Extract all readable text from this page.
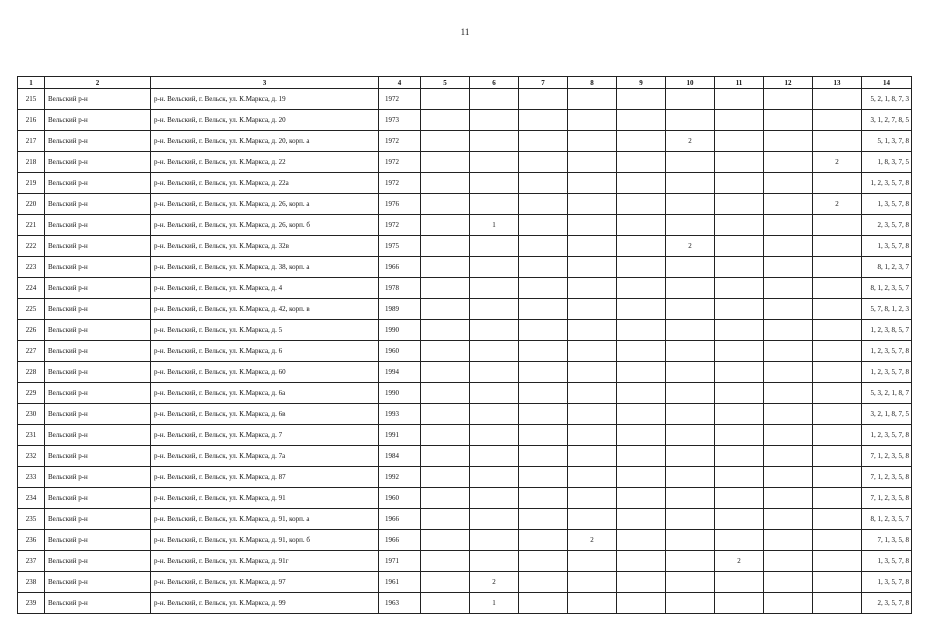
11
1	2	3	4	5	6	7	8	9	10	11	12	13	14
215	Вельский р-н	р-н. Вельский, г. Вельск, ул. К.Маркса, д. 19	1972										5, 2, 1, 8, 7, 3
216	Вельский р-н	р-н. Вельский, г. Вельск, ул. К.Маркса, д. 20	1973										3, 1, 2, 7, 8, 5
217	Вельский р-н	р-н. Вельский, г. Вельск, ул. К.Маркса, д. 20, корп. а	1972						2				5, 1, 3, 7, 8
218	Вельский р-н	р-н. Вельский, г. Вельск, ул. К.Маркса, д. 22	1972									2	1, 8, 3, 7, 5
219	Вельский р-н	р-н. Вельский, г. Вельск, ул. К.Маркса, д. 22а	1972										1, 2, 3, 5, 7, 8
220	Вельский р-н	р-н. Вельский, г. Вельск, ул. К.Маркса, д. 26, корп. а	1976									2	1, 3, 5, 7, 8
221	Вельский р-н	р-н. Вельский, г. Вельск, ул. К.Маркса, д. 26, корп. б	1972		1								2, 3, 5, 7, 8
222	Вельский р-н	р-н. Вельский, г. Вельск, ул. К.Маркса, д. 32в	1975						2				1, 3, 5, 7, 8
223	Вельский р-н	р-н. Вельский, г. Вельск, ул. К.Маркса, д. 38, корп. а	1966										8, 1, 2, 3, 7
224	Вельский р-н	р-н. Вельский, г. Вельск, ул. К.Маркса, д. 4	1978										8, 1, 2, 3, 5, 7
225	Вельский р-н	р-н. Вельский, г. Вельск, ул. К.Маркса, д. 42, корп. в	1989										5, 7, 8, 1, 2, 3
226	Вельский р-н	р-н. Вельский, г. Вельск, ул. К.Маркса, д. 5	1990										1, 2, 3, 8, 5, 7
227	Вельский р-н	р-н. Вельский, г. Вельск, ул. К.Маркса, д. 6	1960										1, 2, 3, 5, 7, 8
228	Вельский р-н	р-н. Вельский, г. Вельск, ул. К.Маркса, д. 60	1994										1, 2, 3, 5, 7, 8
229	Вельский р-н	р-н. Вельский, г. Вельск, ул. К.Маркса, д. 6а	1990										5, 3, 2, 1, 8, 7
230	Вельский р-н	р-н. Вельский, г. Вельск, ул. К.Маркса, д. 6в	1993										3, 2, 1, 8, 7, 5
231	Вельский р-н	р-н. Вельский, г. Вельск, ул. К.Маркса, д. 7	1991										1, 2, 3, 5, 7, 8
232	Вельский р-н	р-н. Вельский, г. Вельск, ул. К.Маркса, д. 7а	1984										7, 1, 2, 3, 5, 8
233	Вельский р-н	р-н. Вельский, г. Вельск, ул. К.Маркса, д. 87	1992										7, 1, 2, 3, 5, 8
234	Вельский р-н	р-н. Вельский, г. Вельск, ул. К.Маркса, д. 91	1960										7, 1, 2, 3, 5, 8
235	Вельский р-н	р-н. Вельский, г. Вельск, ул. К.Маркса, д. 91, корп. а	1966										8, 1, 2, 3, 5, 7
236	Вельский р-н	р-н. Вельский, г. Вельск, ул. К.Маркса, д. 91, корп. б	1966				2						7, 1, 3, 5, 8
237	Вельский р-н	р-н. Вельский, г. Вельск, ул. К.Маркса, д. 91г	1971							2			1, 3, 5, 7, 8
238	Вельский р-н	р-н. Вельский, г. Вельск, ул. К.Маркса, д. 97	1961		2								1, 3, 5, 7, 8
239	Вельский р-н	р-н. Вельский, г. Вельск, ул. К.Маркса, д. 99	1963		1								2, 3, 5, 7, 8
